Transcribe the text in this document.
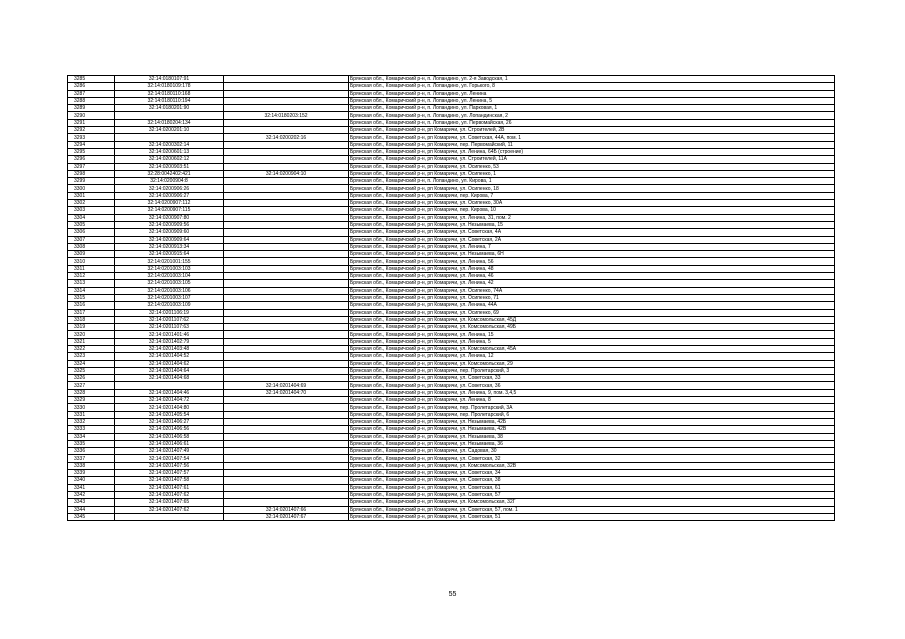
3285	32:14:0180107:91		Брянская обл., Комаричский р-н, п. Лопандино, ул. 2-я Заводская, 1
3286	32:14:0180109:178		Брянская обл., Комаричский р-н, п. Лопандино, ул. Горького, 8
3287	32:14:0180110:168		Брянская обл., Комаричский р-н, п. Лопандино, ул. Ленина
3288	32:14:0180110:194		Брянская обл., Комаричский р-н, п. Лопандино, ул. Ленина, 5
3289	32:14:0180201:90		Брянская обл., Комаричский р-н, п. Лопандино, ул. Парковая, 1
3290		32:14:0180203:152	Брянская обл., Комаричский р-н, п. Лопандино, ул. Лопандинская, 2
3291	32:14:0180204:134		Брянская обл., Комаричский р-н, п. Лопандино, ул. Первомайская, 26
3292	32:14:0200201:10		Брянская обл., Комаричский р-н, рп Комаричи, ул. Строителей, 2В
3293		32:14:0200202:16	Брянская обл., Комаричский р-н, рп Комаричи, ул. Советская, 44А, пом. 1
3294	32:14:0200302:14		Брянская обл., Комаричский р-н, рп Комаричи, пер. Первомайский, 11
3295	32:14:0200601:13		Брянская обл., Комаричский р-н, рп Комаричи, ул. Ленина, 64Б (строение)
3296	32:14:0200602:12		Брянская обл., Комаричский р-н, рп Комаричи, ул. Строителей, 11А
3297	32:14:0200903:51		Брянская обл., Комаричский р-н, рп Комаричи, ул. Осипенко, 53
3298	32:28:0042402:421	32:14:0200904:10	Брянская обл., Комаричский р-н, рп Комаричи, ул. Осипенко, 1
3299	32:14:0200904:8		Брянская обл., Комаричский р-н, п. Лопандино, ул. Кирова, 1
3300	32:14:0200906:26		Брянская обл., Комаричский р-н, рп Комаричи, ул. Осипенко, 18
3301	32:14:0200906:27		Брянская обл., Комаричский р-н, рп Комаричи, пер. Кирова, 7
3302	32:14:0200907:112		Брянская обл., Комаричский р-н, рп Комаричи, ул. Осипенко, 30А
3303	32:14:0200907:115		Брянская обл., Комаричский р-н, рп Комаричи, пер. Кирова, 10
3304	32:14:0200907:80		Брянская обл., Комаричский р-н, рп Комаричи, ул. Ленина, 31, пом. 2
3305	32:14:0200909:56		Брянская обл., Комаричский р-н, рп Комаричи, ул. Незымаева, 15
3306	32:14:0200909:60		Брянская обл., Комаричский р-н, рп Комаричи, ул. Советская, 4А
3307	32:14:0200909:64		Брянская обл., Комаричский р-н, рп Комаричи, ул. Советская, 2А
3308	32:14:0200913:34		Брянская обл., Комаричский р-н, рп Комаричи, ул. Ленина, 7
3309	32:14:0200915:64		Брянская обл., Комаричский р-н, рп Комаричи, ул. Незымаева, 6Н
3310	32:14:0201001:155		Брянская обл., Комаричский р-н, рп Комаричи, ул. Ленина, 56
3311	32:14:0201003:103		Брянская обл., Комаричский р-н, рп Комаричи, ул. Ленина, 48
3312	32:14:0201003:104		Брянская обл., Комаричский р-н, рп Комаричи, ул. Ленина, 46
3313	32:14:0201003:105		Брянская обл., Комаричский р-н, рп Комаричи, ул. Ленина, 42
3314	32:14:0201003:106		Брянская обл., Комаричский р-н, рп Комаричи, ул. Осипенко, 74А
3315	32:14:0201003:107		Брянская обл., Комаричский р-н, рп Комаричи, ул. Осипенко, 71
3316	32:14:0201003:109		Брянская обл., Комаричский р-н, рп Комаричи, ул. Ленина, 44А
3317	32:14:0201106:19		Брянская обл., Комаричский р-н, рп Комаричи, ул. Осипенко, 69
3318	32:14:0201107:62		Брянская обл., Комаричский р-н, рп Комаричи, ул. Комсомольская, 45Д
3319	32:14:0201107:63		Брянская обл., Комаричский р-н, рп Комаричи, ул. Комсомольская, 49Б
3320	32:14:0201401:46		Брянская обл., Комаричский р-н, рп Комаричи, ул. Ленина, 15
3321	32:14:0201402:79		Брянская обл., Комаричский р-н, рп Комаричи, ул. Ленина, 5
3322	32:14:0201403:48		Брянская обл., Комаричский р-н, рп Комаричи, ул. Комсомольская, 45А
3323	32:14:0201404:52		Брянская обл., Комаричский р-н, рп Комаричи, ул. Ленина, 12
3324	32:14:0201404:62		Брянская обл., Комаричский р-н, рп Комаричи, ул. Комсомольская, 29
3325	32:14:0201404:64		Брянская обл., Комаричский р-н, рп Комаричи, пер. Пролетарский, 3
3326	32:14:0201404:68		Брянская обл., Комаричский р-н, рп Комаричи, ул. Советская, 33
3327		32:14:0201404:69	Брянская обл., Комаричский р-н, рп Комаричи, ул. Советская, 36
3328	32:14:0201404:46	32:14:0201404:70	Брянская обл., Комаричский р-н, рп Комаричи, ул. Ленина, 9, пом. 3,4,5
3329	32:14:0201404:72		Брянская обл., Комаричский р-н, рп Комаричи, ул. Ленина, 8
3330	32:14:0201404:80		Брянская обл., Комаричский р-н, рп Комаричи, пер. Пролетарский, 3А
3331	32:14:0201405:54		Брянская обл., Комаричский р-н, рп Комаричи, пер. Пролетарский, 6
3332	32:14:0201406:27		Брянская обл., Комаричский р-н, рп Комаричи, ул. Незымаева, 42Б
3333	32:14:0201406:56		Брянская обл., Комаричский р-н, рп Комаричи, ул. Незымаева, 42В
3334	32:14:0201406:58		Брянская обл., Комаричский р-н, рп Комаричи, ул. Незымаева, 38
3335	32:14:0201406:61		Брянская обл., Комаричский р-н, рп Комаричи, ул. Незымаева, 36
3336	32:14:0201407:49		Брянская обл., Комаричский р-н, рп Комаричи, ул. Садовая, 30
3337	32:14:0201407:54		Брянская обл., Комаричский р-н, рп Комаричи, ул. Советская, 32
3338	32:14:0201407:56		Брянская обл., Комаричский р-н, рп Комаричи, ул. Комсомольская, 32В
3339	32:14:0201407:57		Брянская обл., Комаричский р-н, рп Комаричи, ул. Советская, 34
3340	32:14:0201407:58		Брянская обл., Комаричский р-н, рп Комаричи, ул. Советская, 38
3341	32:14:0201407:61		Брянская обл., Комаричский р-н, рп Комаричи, ул. Советская, 61
3342	32:14:0201407:62		Брянская обл., Комаричский р-н, рп Комаричи, ул. Советская, 57
3343	32:14:0201407:65		Брянская обл., Комаричский р-н, рп Комаричи, ул. Комсомольская, 32Г
3344	32:14:0201407:62	32:14:0201407:66	Брянская обл., Комаричский р-н, рп Комаричи, ул. Советская, 57, пом. 1
3345		32:14:0201407:67	Брянская обл., Комаричский р-н, рп Комаричи, ул. Советская, 51
55
